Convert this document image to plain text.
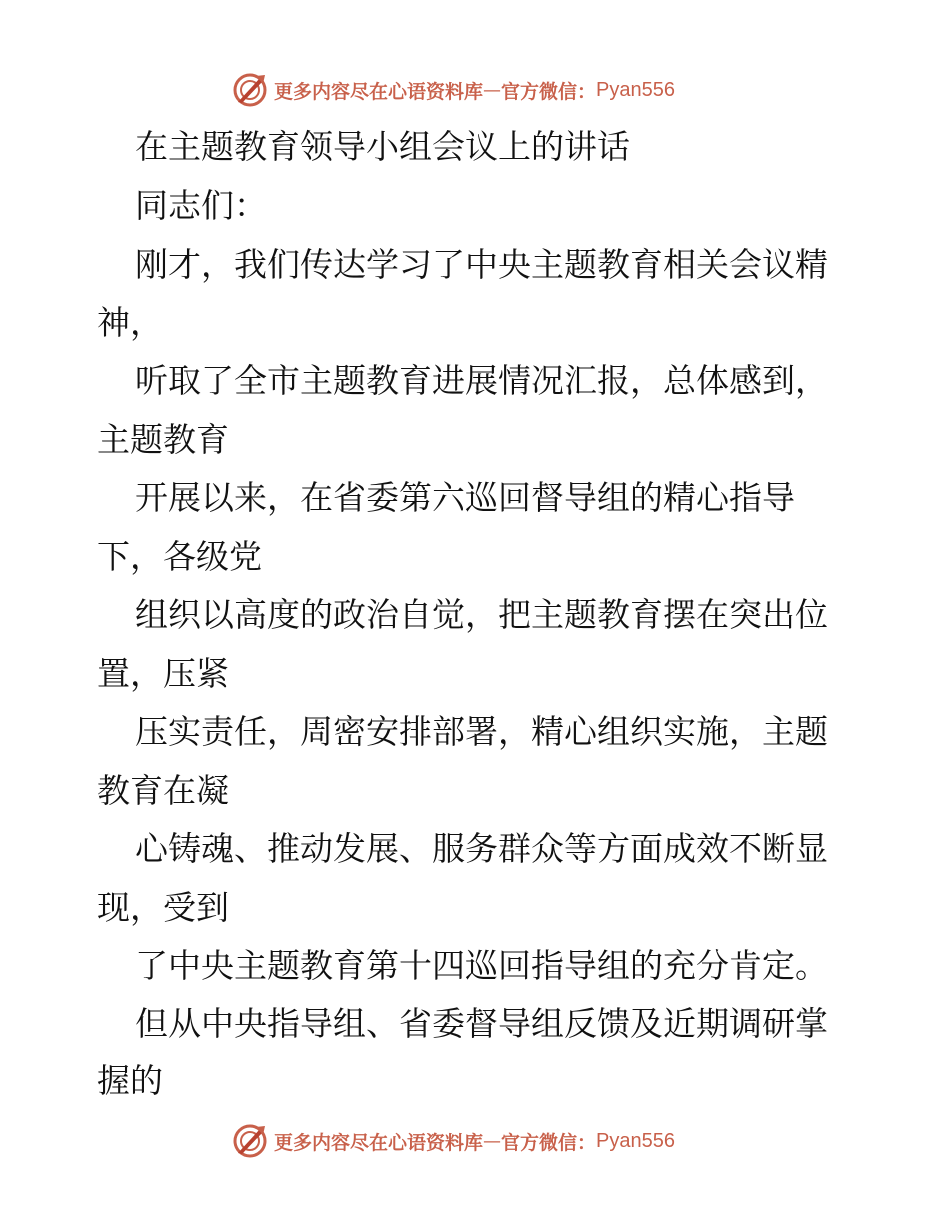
更多内容尽在心语资料库 — 官方微信： Pyan556

在主题教育领导小组会议上的讲话

同志们：

刚才，我们传达学习了中央主题教育相关会议精

神，

听取了全市主题教育进展情况汇报，总体感到，

主题教育

开展以来，在省委第六巡回督导组的精心指导

下，各级党

组织以高度的政治自觉，把主题教育摆在突出位

置，压紧

压实责任，周密安排部署，精心组织实施，主题

教育在凝

心铸魂、推动发展、服务群众等方面成效不断显

现，受到

了中央主题教育第十四巡回指导组的充分肯定。

但从中央指导组、省委督导组反馈及近期调研掌

握的

更多内容尽在心语资料库 — 官方微信： Pyan556
